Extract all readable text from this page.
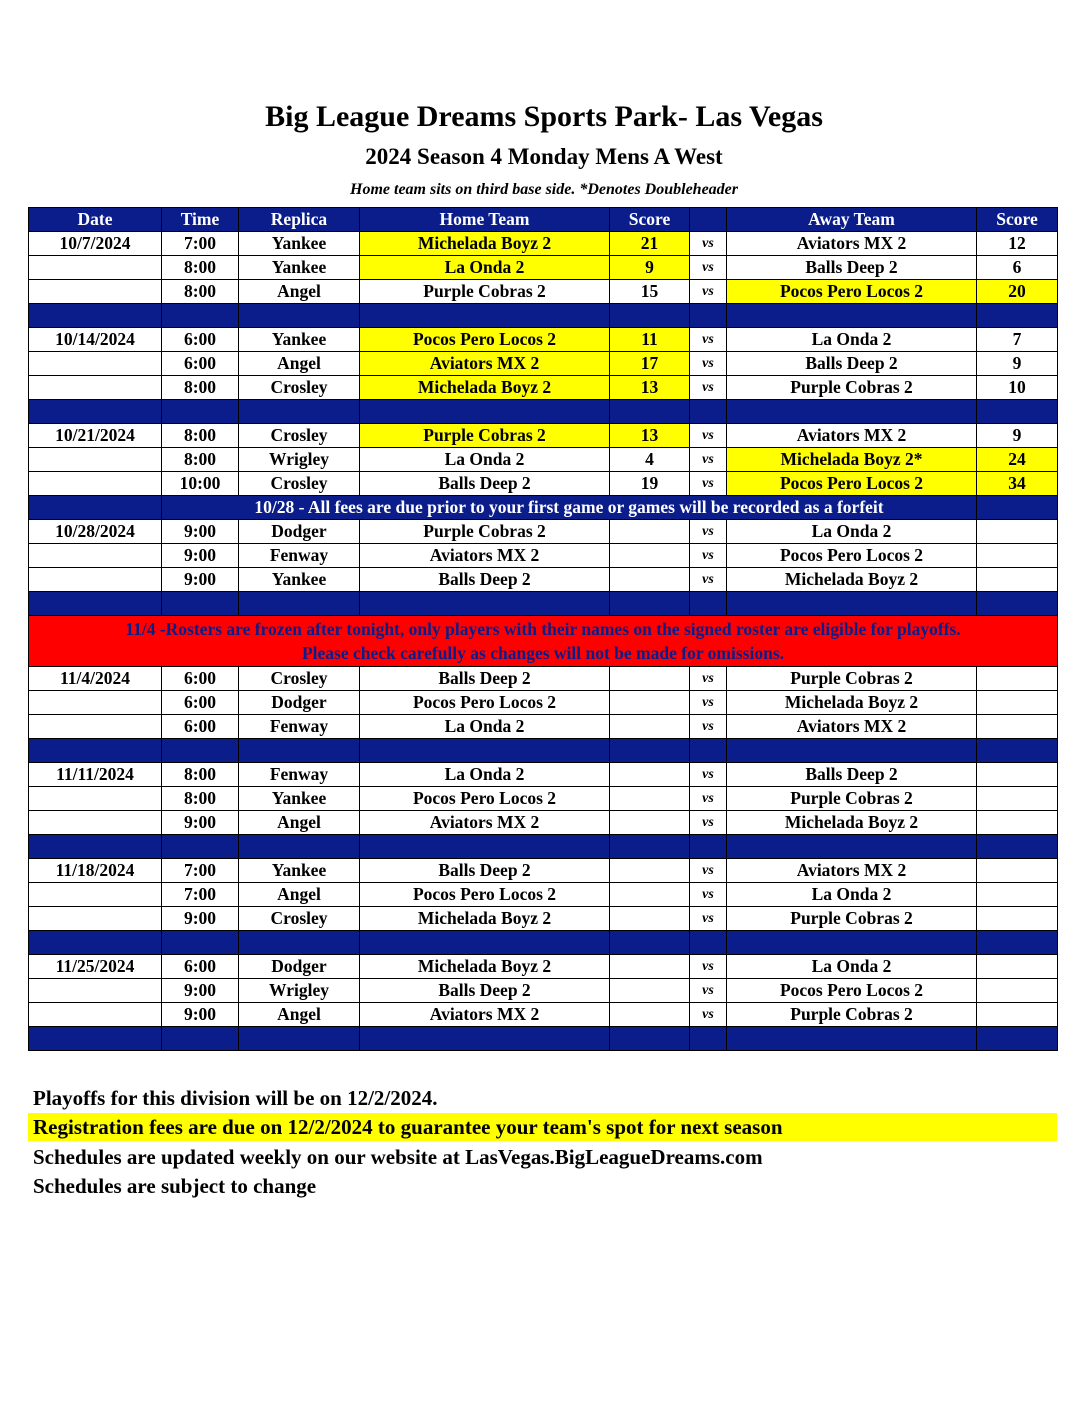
Big League Dreams Sports Park- Las Vegas
2024 Season 4 Monday Mens A West
Home team sits on third base side. *Denotes Doubleheader
Date	Time	Replica	Home Team	Score		Away Team	Score
10/7/2024	7:00	Yankee	Michelada Boyz 2	21	vs	Aviators MX 2	12
	8:00	Yankee	La Onda 2	9	vs	Balls Deep 2	6
	8:00	Angel	Purple Cobras 2	15	vs	Pocos Pero Locos 2	20

10/14/2024	6:00	Yankee	Pocos Pero Locos 2	11	vs	La Onda 2	7
	6:00	Angel	Aviators MX 2	17	vs	Balls Deep 2	9
	8:00	Crosley	Michelada Boyz 2	13	vs	Purple Cobras 2	10

10/21/2024	8:00	Crosley	Purple Cobras 2	13	vs	Aviators MX 2	9
	8:00	Wrigley	La Onda 2	4	vs	Michelada Boyz 2*	24
	10:00	Crosley	Balls Deep 2	19	vs	Pocos Pero Locos 2	34
	10/28 - All fees are due prior to your first game or games will be recorded as a forfeit						
10/28/2024	9:00	Dodger	Purple Cobras 2		vs	La Onda 2	
	9:00	Fenway	Aviators MX 2		vs	Pocos Pero Locos 2	
	9:00	Yankee	Balls Deep 2		vs	Michelada Boyz 2	

11/4 -Rosters are frozen after tonight, only players with their names on the signed roster are eligible for playoffs.
Please check carefully as changes will not be made for omissions.							

11/4/2024	6:00	Crosley	Balls Deep 2		vs	Purple Cobras 2	
	6:00	Dodger	Pocos Pero Locos 2		vs	Michelada Boyz 2	
	6:00	Fenway	La Onda 2		vs	Aviators MX 2	

11/11/2024	8:00	Fenway	La Onda 2		vs	Balls Deep 2	
	8:00	Yankee	Pocos Pero Locos 2		vs	Purple Cobras 2	
	9:00	Angel	Aviators MX 2		vs	Michelada Boyz 2	

11/18/2024	7:00	Yankee	Balls Deep 2		vs	Aviators MX 2	
	7:00	Angel	Pocos Pero Locos 2		vs	La Onda 2	
	9:00	Crosley	Michelada Boyz 2		vs	Purple Cobras 2	

11/25/2024	6:00	Dodger	Michelada Boyz 2		vs	La Onda 2	
	9:00	Wrigley	Balls Deep 2		vs	Pocos Pero Locos 2	
	9:00	Angel	Aviators MX 2		vs	Purple Cobras 2	

Playoffs for this division will be on 12/2/2024.
Registration fees are due on 12/2/2024 to guarantee your team's spot for next season
Schedules are updated weekly on our website at LasVegas.BigLeagueDreams.com
Schedules are subject to change
